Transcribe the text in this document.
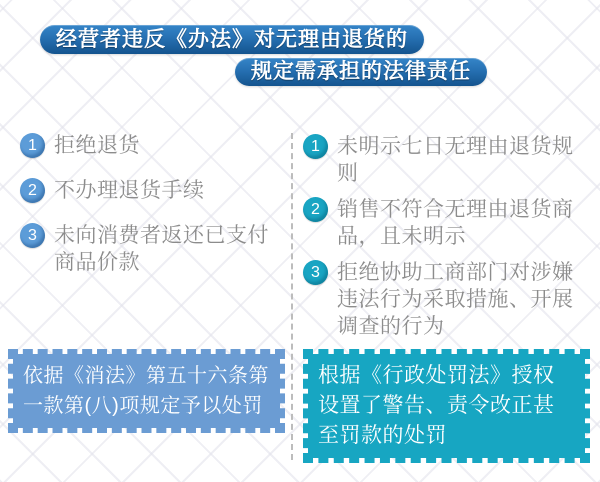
经营者违反《办法》对无理由退货的
规定需承担的法律责任
1 拒绝退货
2 不办理退货手续
3 未向消费者返还已支付商品价款
1 未明示七日无理由退货规则
2 销售不符合无理由退货商品，且未明示
3 拒绝协助工商部门对涉嫌违法行为采取措施、开展调查的行为
依据《消法》第五十六条第一款第(八)项规定予以处罚
根据《行政处罚法》授权设置了警告、责令改正甚至罚款的处罚
